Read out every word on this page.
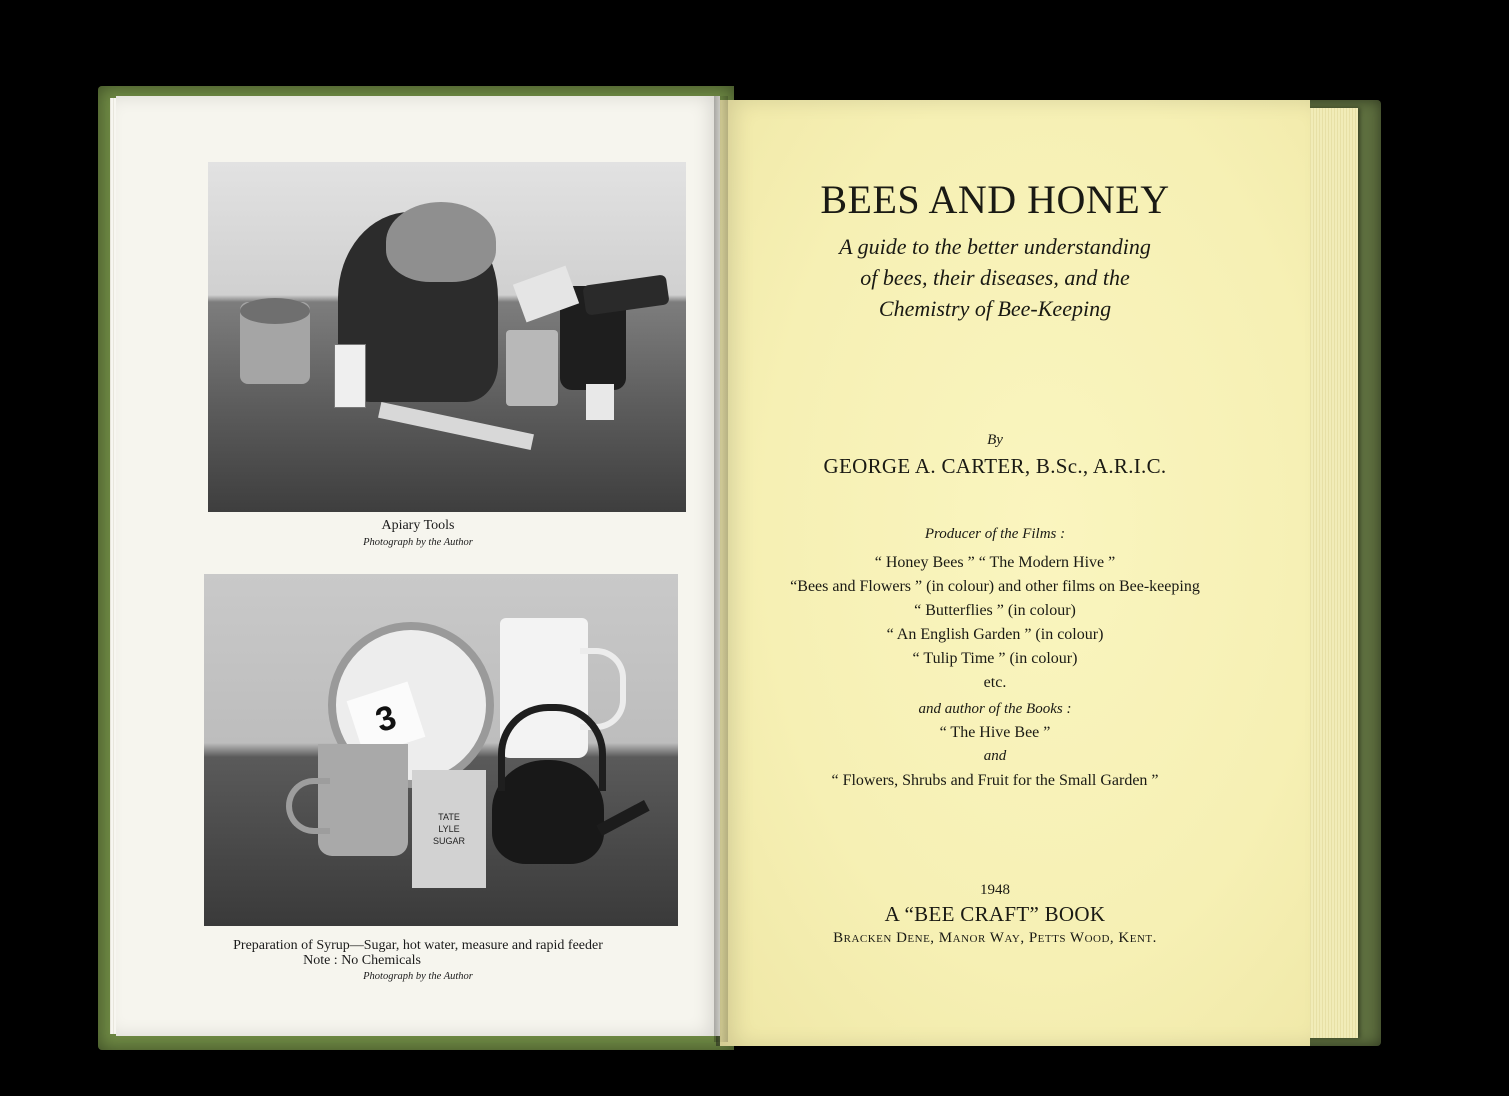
Apiary Tools
Photograph by the Author
3
TATE
LYLE
SUGAR
Preparation of Syrup—Sugar, hot water, measure and rapid feeder
Note : No Chemicals
Photograph by the Author
BEES AND HONEY
A guide to the better understanding
of bees, their diseases, and the
Chemistry of Bee-Keeping
By
GEORGE A. CARTER, B.Sc., A.R.I.C.
Producer of the Films :
“ Honey Bees ” “ The Modern Hive ”
“Bees and Flowers ” (in colour) and other films on Bee-keeping
“ Butterflies ” (in colour)
“ An English Garden ” (in colour)
“ Tulip Time ” (in colour)
etc.
and author of the Books :
“ The Hive Bee ”
and
“ Flowers, Shrubs and Fruit for the Small Garden ”
1948
A “BEE CRAFT” BOOK
Bracken Dene, Manor Way, Petts Wood, Kent.
